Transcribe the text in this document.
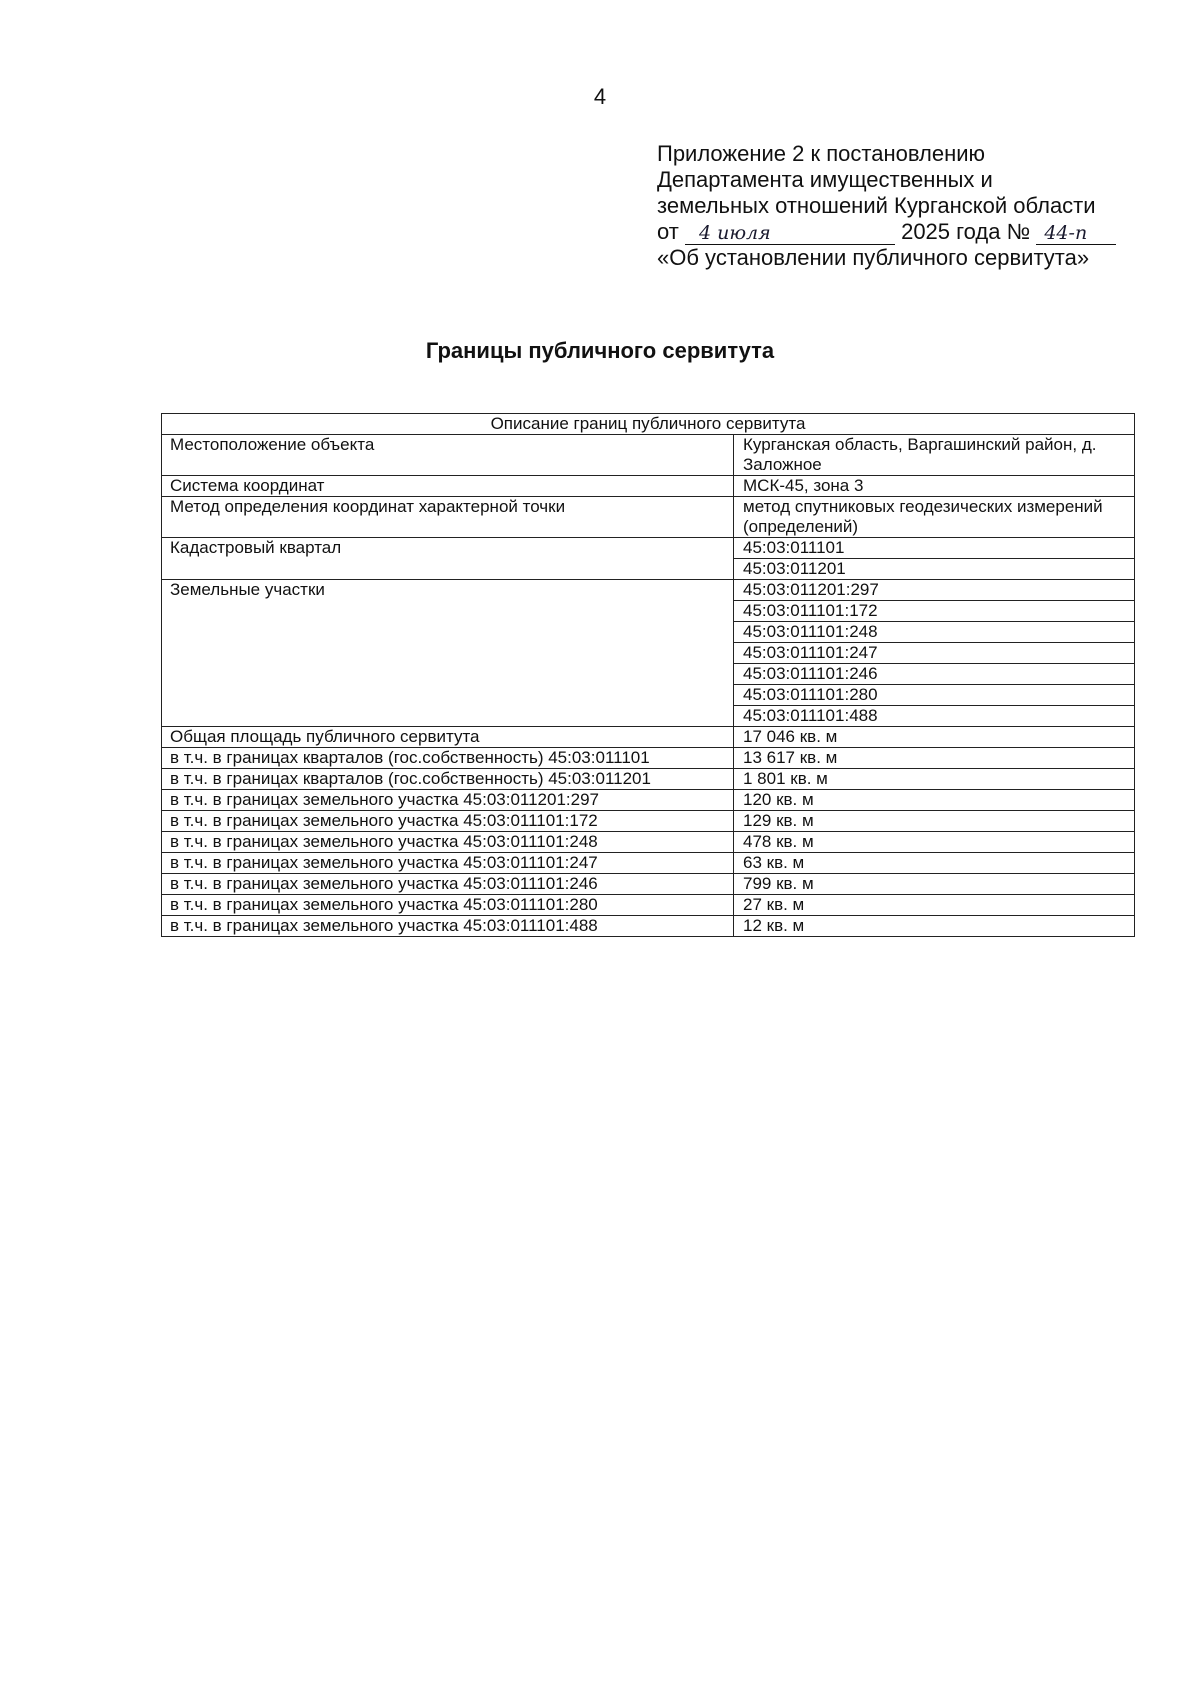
4
Приложение 2 к постановлению
Департамента имущественных и
земельных отношений Курганской области
от 4 июля	2025 года № 44-п
«Об установлении публичного сервитута»
Границы публичного сервитута
Описание границ публичного сервитута	
Местоположение объекта	Курганская область, Варгашинский район, д. Заложное
Система координат	МСК-45, зона 3
Метод определения координат характерной точки	метод спутниковых геодезических измерений (определений)
Кадастровый квартал	45:03:011101
	45:03:011201
Земельные участки	45:03:011201:297
	45:03:011101:172
	45:03:011101:248
	45:03:011101:247
	45:03:011101:246
	45:03:011101:280
	45:03:011101:488
Общая площадь публичного сервитута	17 046 кв. м
в т.ч. в границах кварталов (гос.собственность) 45:03:011101	13 617 кв. м
в т.ч. в границах кварталов (гос.собственность) 45:03:011201	1 801 кв. м
в т.ч. в границах земельного участка 45:03:011201:297	120 кв. м
в т.ч. в границах земельного участка 45:03:011101:172	129 кв. м
в т.ч. в границах земельного участка 45:03:011101:248	478 кв. м
в т.ч. в границах земельного участка 45:03:011101:247	63 кв. м
в т.ч. в границах земельного участка 45:03:011101:246	799 кв. м
в т.ч. в границах земельного участка 45:03:011101:280	27 кв. м
в т.ч. в границах земельного участка 45:03:011101:488	12 кв. м
